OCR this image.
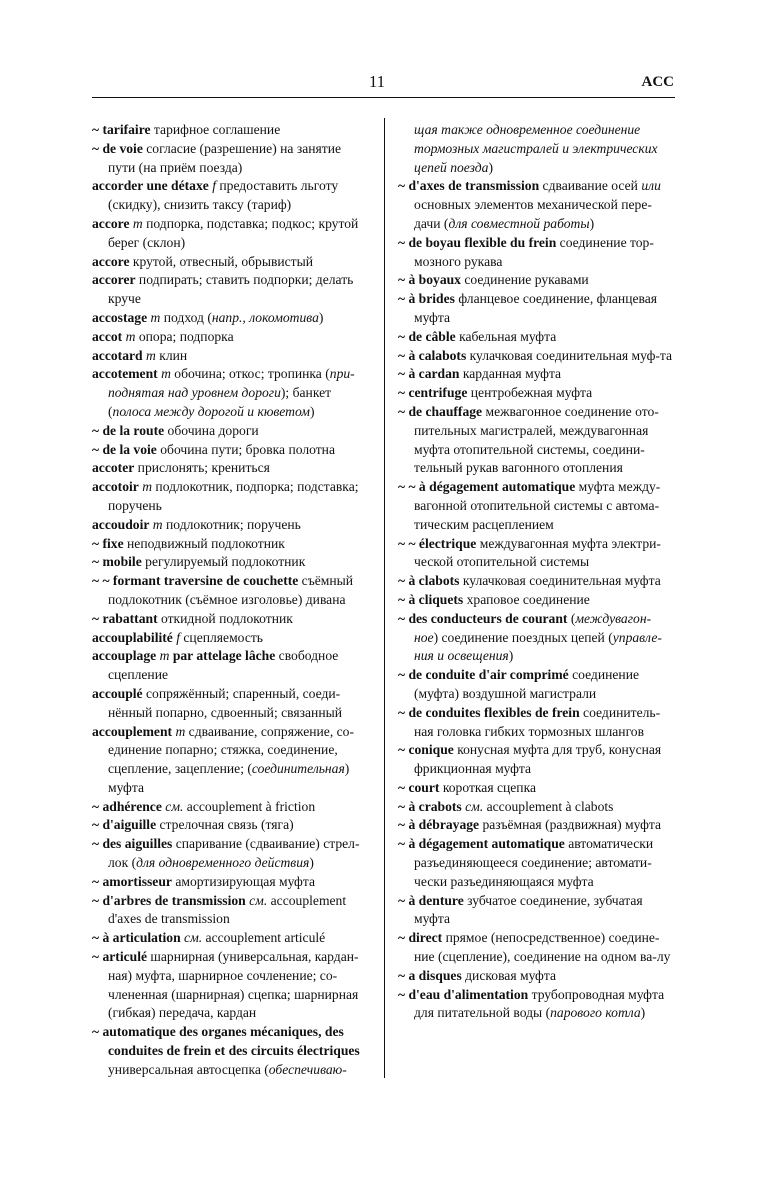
11	ACC

~ tarifaire тарифное соглашение

~ de voie согласие (разрешение) на занятие пути (на приём поезда)

accorder une détaxe f предоставить льготу (скидку), снизить таксу (тариф)

accore m подпорка, подставка; подкос; крутой берег (склон)

accore крутой, отвесный, обрывистый

accorer подпирать; ставить подпорки; делать круче

accostage m подход (напр., локомотива)

accot m опора; подпорка

accotard m клин

accotement m обочина; откос; тропинка (при-поднятая над уровнем дороги); банкет (полоса между дорогой и кюветом)

~ de la route обочина дороги

~ de la voie обочина пути; бровка полотна

accoter прислонять; крениться

accotoir m подлокотник, подпорка; подставка; поручень

accoudoir m подлокотник; поручень

~ fixe неподвижный подлокотник

~ mobile регулируемый подлокотник

~ ~ formant traversine de couchette съёмный подлокотник (съёмное изголовье) дивана

~ rabattant откидной подлокотник

accouplabilité f сцепляемость

accouplage m par attelage lâche свободное сцепление

accouplé сопряжённый; спаренный, соеди-нённый попарно, сдвоенный; связанный

accouplement m сдваивание, сопряжение, со-единение попарно; стяжка, соединение, сцепление, зацепление; (соединительная) муфта

~ adhérence см. accouplement à friction

~ d'aiguille стрелочная связь (тяга)

~ des aiguilles спаривание (сдваивание) стрел-лок (для одновременного действия)

~ amortisseur амортизирующая муфта

~ d'arbres de transmission см. accouplement d'axes de transmission

~ à articulation см. accouplement articulé

~ articulé шарнирная (универсальная, кардан-ная) муфта, шарнирное сочленение; со-члененная (шарнирная) сцепка; шарнирная (гибкая) передача, кардан

~ automatique des organes mécaniques, des conduites de frein et des circuits électriques универсальная автосцепка (обеспечиваю-

щая также одновременное соединение тормозных магистралей и электрических цепей поезда)

~ d'axes de transmission сдваивание осей или основных элементов механической пере-дачи (для совместной работы)

~ de boyau flexible du frein соединение тор-мозного рукава

~ à boyaux соединение рукавами

~ à brides фланцевое соединение, фланцевая муфта

~ de câble кабельная муфта

~ à calabots кулачковая соединительная муф-та

~ à cardan карданная муфта

~ centrifuge центробежная муфта

~ de chauffage межвагонное соединение ото-пительных магистралей, междувагонная муфта отопительной системы, соедини-тельный рукав вагонного отопления

~ ~ à dégagement automatique муфта между-вагонной отопительной системы с автома-тическим расцеплением

~ ~ électrique междувагонная муфта электри-ческой отопительной системы

~ à clabots кулачковая соединительная муфта

~ à cliquets храповое соединение

~ des conducteurs de courant (междувагон-ное) соединение поездных цепей (управле-ния и освещения)

~ de conduite d'air comprimé соединение (муфта) воздушной магистрали

~ de conduites flexibles de frein соединитель-ная головка гибких тормозных шлангов

~ conique конусная муфта для труб, конусная фрикционная муфта

~ court короткая сцепка

~ à crabots см. accouplement à clabots

~ à débrayage разъёмная (раздвижная) муфта

~ à dégagement automatique автоматически разъединяющееся соединение; автомати-чески разъединяющаяся муфта

~ à denture зубчатое соединение, зубчатая муфта

~ direct прямое (непосредственное) соедине-ние (сцепление), соединение на одном ва-лу

~ a disques дисковая муфта

~ d'eau d'alimentation трубопроводная муфта для питательной воды (парового котла)
